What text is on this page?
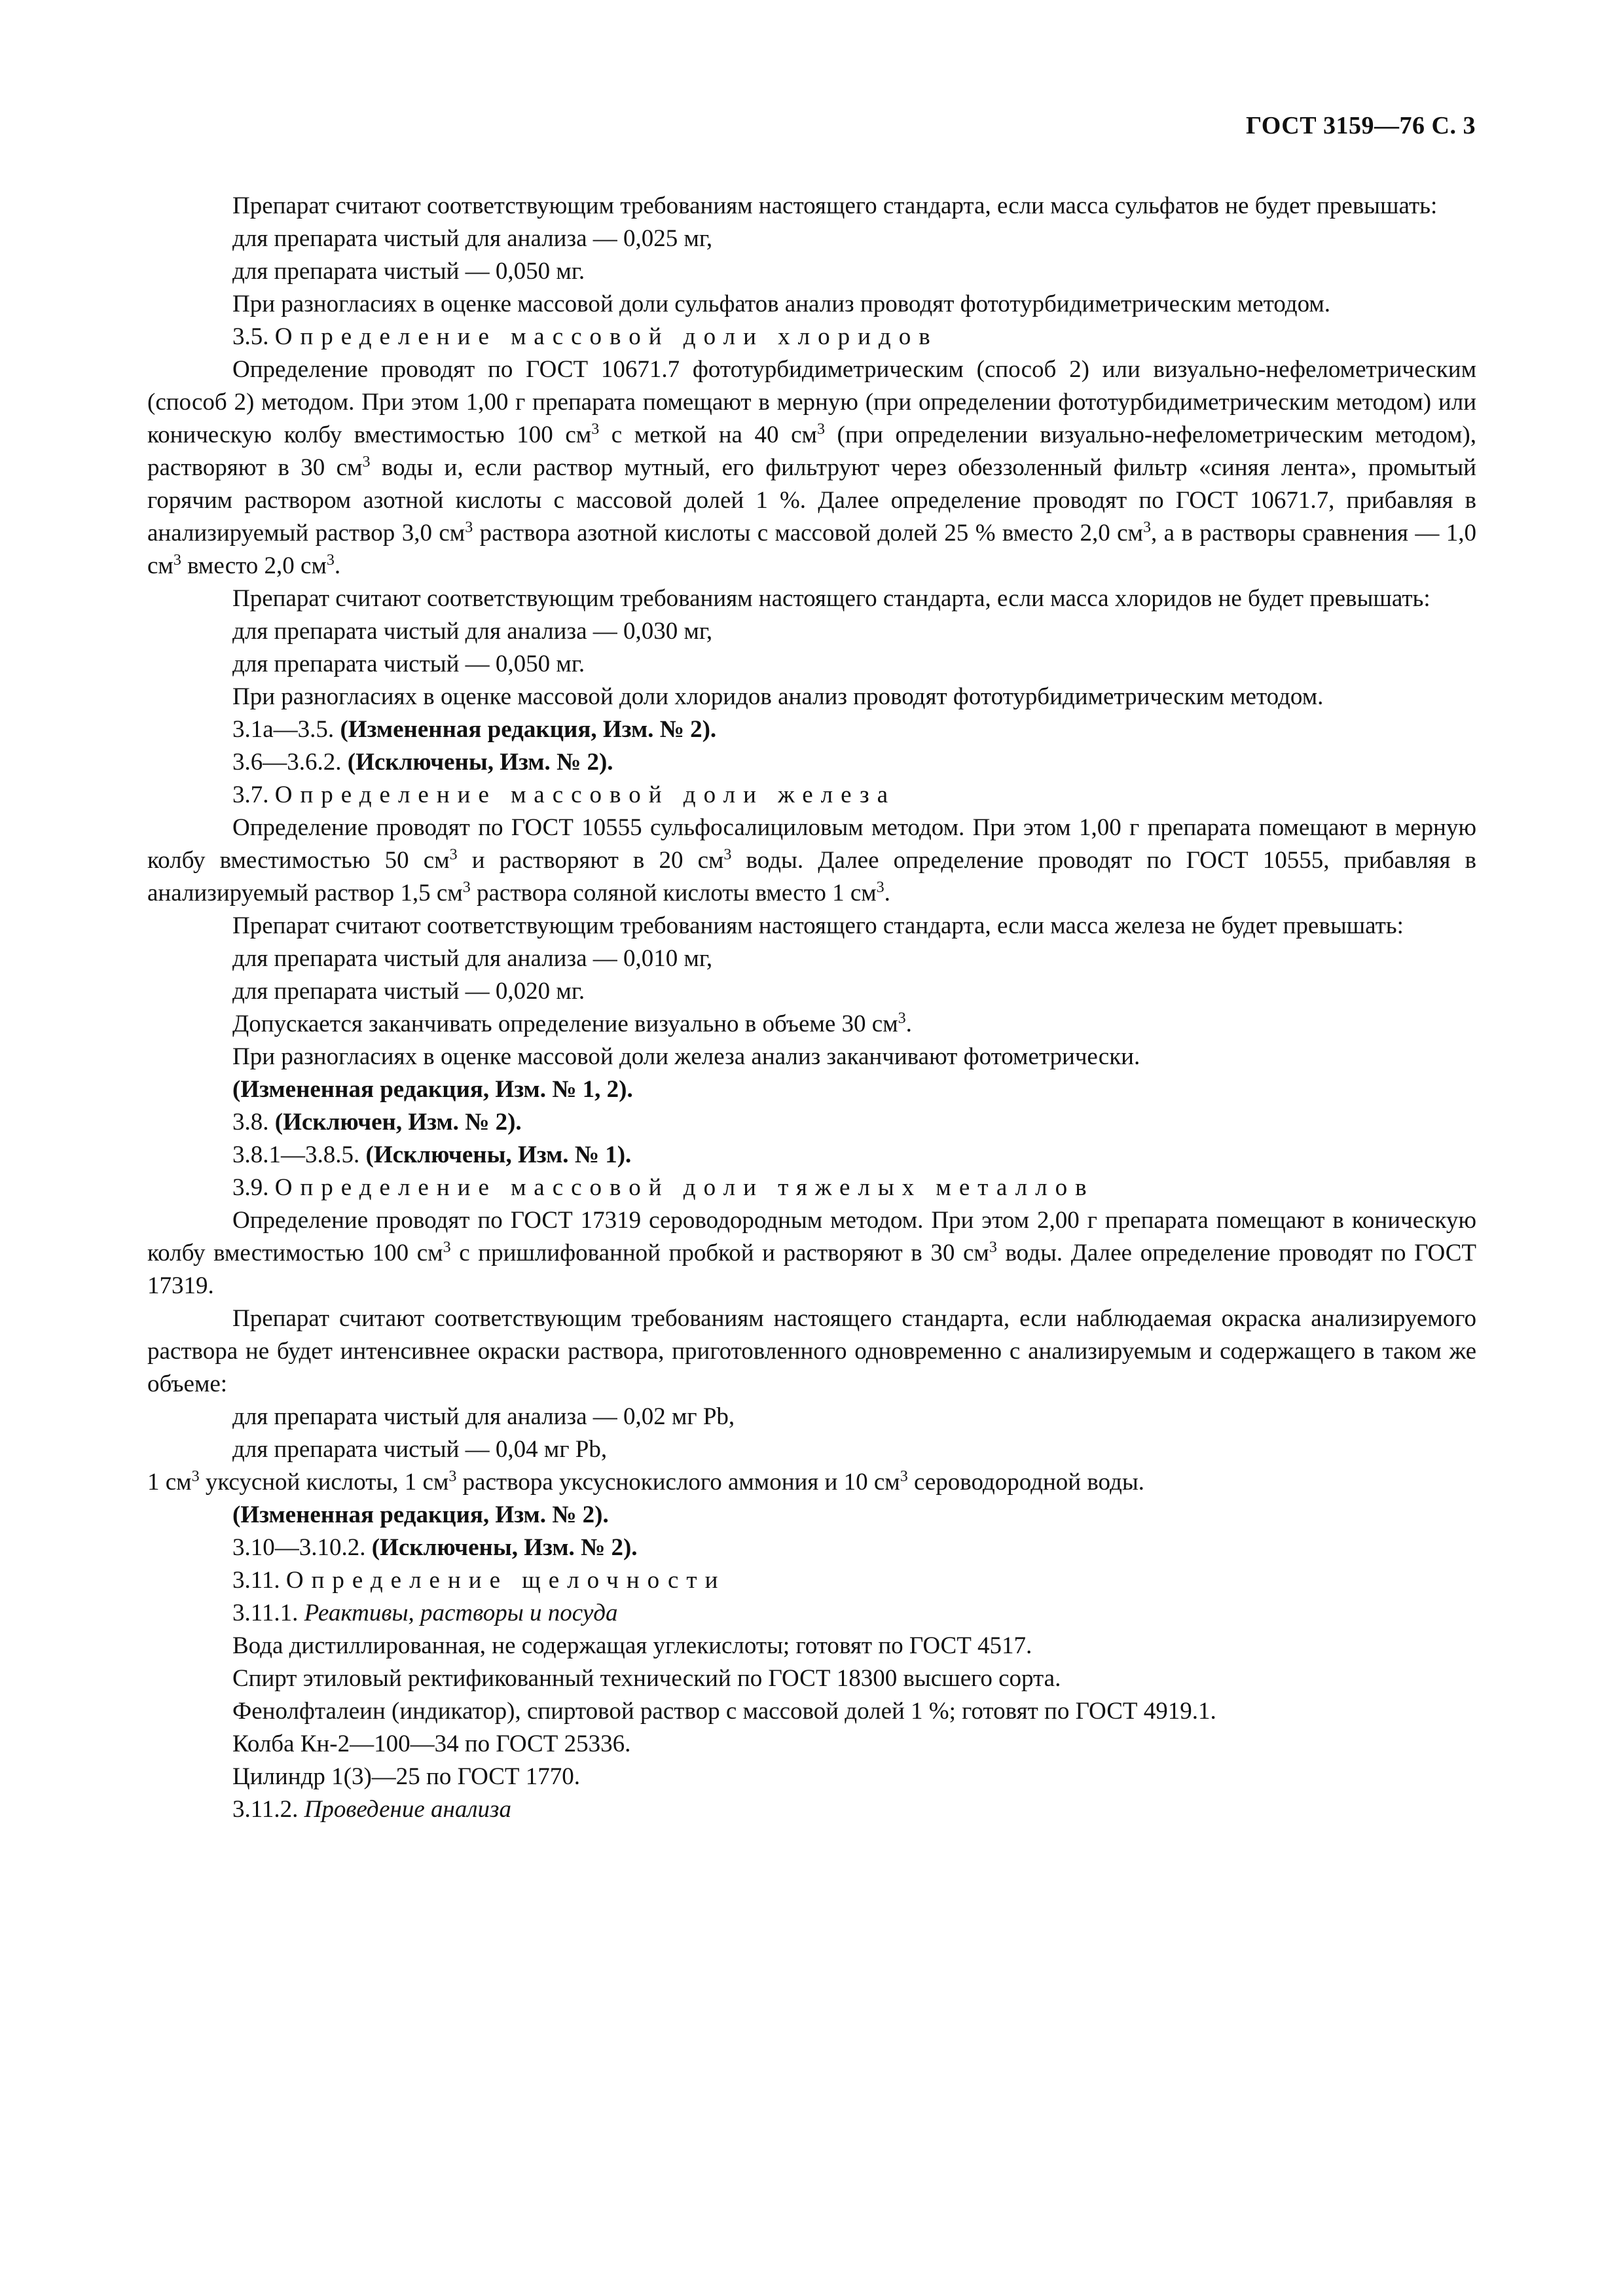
ГОСТ 3159—76 С. 3

Препарат считают соответствующим требованиям настоящего стандарта, если масса сульфатов не будет превышать:

для препарата чистый для анализа — 0,025 мг,

для препарата чистый — 0,050 мг.

При разногласиях в оценке массовой доли сульфатов анализ проводят фототурбидиметрическим методом.

3.5. Определение массовой доли хлоридов

Определение проводят по ГОСТ 10671.7 фототурбидиметрическим (способ 2) или визуально-нефелометрическим (способ 2) методом. При этом 1,00 г препарата помещают в мерную (при определении фототурбидиметрическим методом) или коническую колбу вместимостью 100 $см^3$ с меткой на 40 $см^3$ (при определении визуально-нефелометрическим методом), растворяют в 30 $см^3$ воды и, если раствор мутный, его фильтруют через обеззоленный фильтр «синяя лента», промытый горячим раствором азотной кислоты с массовой долей 1 %. Далее определение проводят по ГОСТ 10671.7, прибавляя в анализируемый раствор 3,0 $см^3$ раствора азотной кислоты с массовой долей 25 % вместо 2,0 $см^3$, а в растворы сравнения — 1,0 $см^3$ вместо 2,0 $см^3$.

Препарат считают соответствующим требованиям настоящего стандарта, если масса хлоридов не будет превышать:

для препарата чистый для анализа — 0,030 мг,

для препарата чистый — 0,050 мг.

При разногласиях в оценке массовой доли хлоридов анализ проводят фототурбидиметрическим методом.

3.1а—3.5. (Измененная редакция, Изм. № 2).

3.6—3.6.2. (Исключены, Изм. № 2).

3.7. Определение массовой доли железа

Определение проводят по ГОСТ 10555 сульфосалициловым методом. При этом 1,00 г препарата помещают в мерную колбу вместимостью 50 $см^3$ и растворяют в 20 $см^3$ воды. Далее определение проводят по ГОСТ 10555, прибавляя в анализируемый раствор 1,5 $см^3$ раствора соляной кислоты вместо 1 $см^3$.

Препарат считают соответствующим требованиям настоящего стандарта, если масса железа не будет превышать:

для препарата чистый для анализа — 0,010 мг,

для препарата чистый — 0,020 мг.

Допускается заканчивать определение визуально в объеме 30 $см^3$.

При разногласиях в оценке массовой доли железа анализ заканчивают фотометрически.

(Измененная редакция, Изм. № 1, 2).

3.8. (Исключен, Изм. № 2).

3.8.1—3.8.5. (Исключены, Изм. № 1).

3.9. Определение массовой доли тяжелых металлов

Определение проводят по ГОСТ 17319 сероводородным методом. При этом 2,00 г препарата помещают в коническую колбу вместимостью 100 $см^3$ с пришлифованной пробкой и растворяют в 30 $см^3$ воды. Далее определение проводят по ГОСТ 17319.

Препарат считают соответствующим требованиям настоящего стандарта, если наблюдаемая окраска анализируемого раствора не будет интенсивнее окраски раствора, приготовленного одновременно с анализируемым и содержащего в таком же объеме:

для препарата чистый для анализа — 0,02 мг Pb,

для препарата чистый — 0,04 мг Pb,

1 $см^3$ уксусной кислоты, 1 $см^3$ раствора уксуснокислого аммония и 10 $см^3$ сероводородной воды.

(Измененная редакция, Изм. № 2).

3.10—3.10.2. (Исключены, Изм. № 2).

3.11. Определение щелочности

3.11.1. Реактивы, растворы и посуда

Вода дистиллированная, не содержащая углекислоты; готовят по ГОСТ 4517.

Спирт этиловый ректификованный технический по ГОСТ 18300 высшего сорта.

Фенолфталеин (индикатор), спиртовой раствор с массовой долей 1 %; готовят по ГОСТ 4919.1.

Колба Кн-2—100—34 по ГОСТ 25336.

Цилиндр 1(3)—25 по ГОСТ 1770.

3.11.2. Проведение анализа
